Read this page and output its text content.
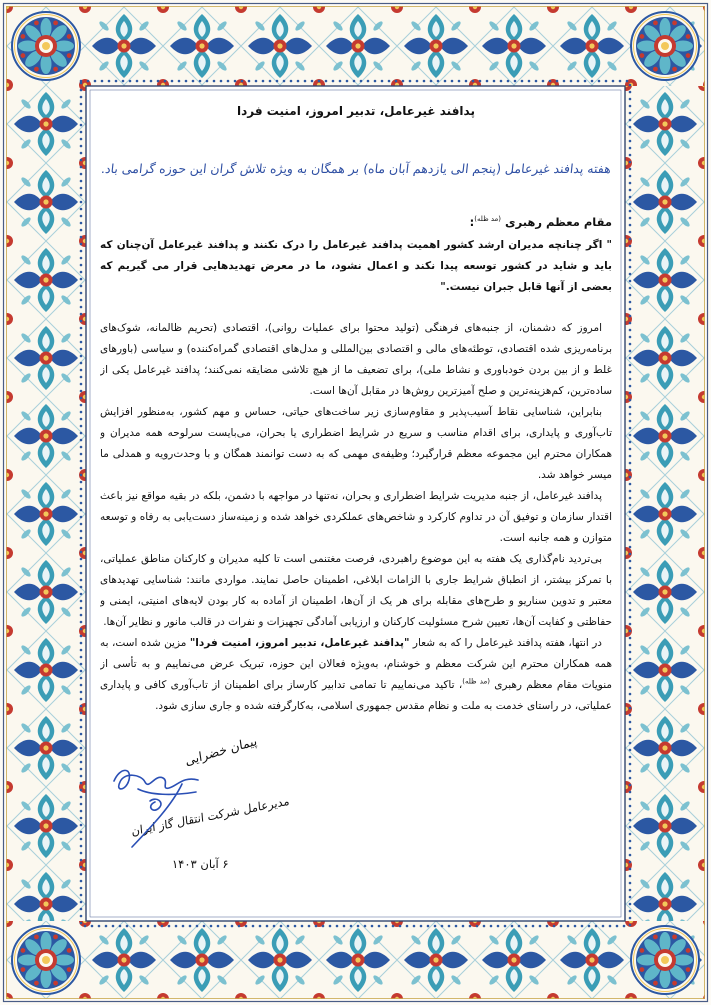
پدافند غیرعامل، تدبیر امروز، امنیت فردا
هفته پدافند غیرعامل (پنجم الی یازدهم آبان ماه) بر همگان به ویژه تلاش گران این حوزه گرامی باد.
مقام معظم رهبری $^{(مد ظله)}$:
" اگر چنانچه مدیران ارشد کشور اهمیت پدافند غیرعامل را درک نکنند و پدافند غیرعامل آن‌چنان که باید و شاید در کشور توسعه پیدا نکند و اعمال نشود، ما در معرض تهدیدهایی قرار می گیریم که بعضی از آنها قابل جبران نیست."

امروز که دشمنان، از جنبه‌های فرهنگی (تولید محتوا برای عملیات روانی)، اقتصادی (تحریم ظالمانه، شوک‌های برنامه‌ریزی شده اقتصادی، توطئه‌های مالی و اقتصادی بین‌المللی و مدل‌های اقتصادی گمراه‌کننده) و سیاسی (باورهای غلط و از بین بردن خودباوری و نشاط ملی)، برای تضعیف ما از هیچ تلاشی مضایقه نمی‌کنند؛ پدافند غیرعامل یکی از ساده‌ترین، کم‌هزینه‌ترین و صلح آمیزترین روش‌ها در مقابل آن‌ها است.

بنابراین، شناسایی نقاط آسیب‌پذیر و مقاوم‌سازی زیر ساخت‌های حیاتی، حساس و مهم کشور، به‌منظور افزایش تاب‌آوری و پایداری، برای اقدام مناسب و سریع در شرایط اضطراری یا بحران، می‌بایست سرلوحه همه مدیران و همکاران محترم این مجموعه معظم قرارگیرد؛ وظیفه‌ی مهمی که به دست توانمند همگان و با وحدت‌رویه و همدلی ما میسر خواهد شد.

پدافند غیرعامل، از جنبه مدیریت شرایط اضطراری و بحران، نه‌تنها در مواجهه با دشمن، بلکه در بقیه مواقع نیز باعث اقتدار سازمان و توفیق آن در تداوم کارکرد و شاخص‌های عملکردی خواهد شده و زمینه‌ساز دست‌یابی به رفاه و توسعه متوازن و همه جانبه است.

بی‌تردید نام‌گذاری یک هفته به این موضوع راهبردی، فرصت مغتنمی است تا کلیه مدیران و کارکنان مناطق عملیاتی، با تمرکز بیشتر، از انطباق شرایط جاری با الزامات ابلاغی، اطمینان حاصل نمایند. مواردی مانند: شناسایی تهدیدهای معتبر و تدوین سناریو و طرح‌های مقابله برای هر یک از آن‌ها، اطمینان از آماده به کار بودن لایه‌های امنیتی، ایمنی و حفاظتی و کفایت آن‌ها، تعیین شرح مسئولیت کارکنان و ارزیابی آمادگی تجهیزات و نفرات در قالب مانور و نظایر آن‌ها.

در انتها، هفته پدافند غیرعامل را که به شعار "پدافند غیرعامل، تدبیر امروز، امنیت فردا" مزین شده است، به همه همکاران محترم این شرکت معظم و خوشنام، به‌ویژه فعالان این حوزه، تبریک عرض می‌نماییم و به تأسی از منویات مقام معظم رهبری $^{(مد ظله)}$، تاکید می‌نماییم تا تمامی تدابیر کارساز برای اطمینان از تاب‌آوری کافی و پایداری عملیاتی، در راستای خدمت به ملت و نظام مقدس جمهوری اسلامی، به‌کارگرفته شده و جاری سازی شود.

پیمان خضرایی
مدیرعامل شرکت انتقال گاز ایران
۶ آبان ۱۴۰۳
